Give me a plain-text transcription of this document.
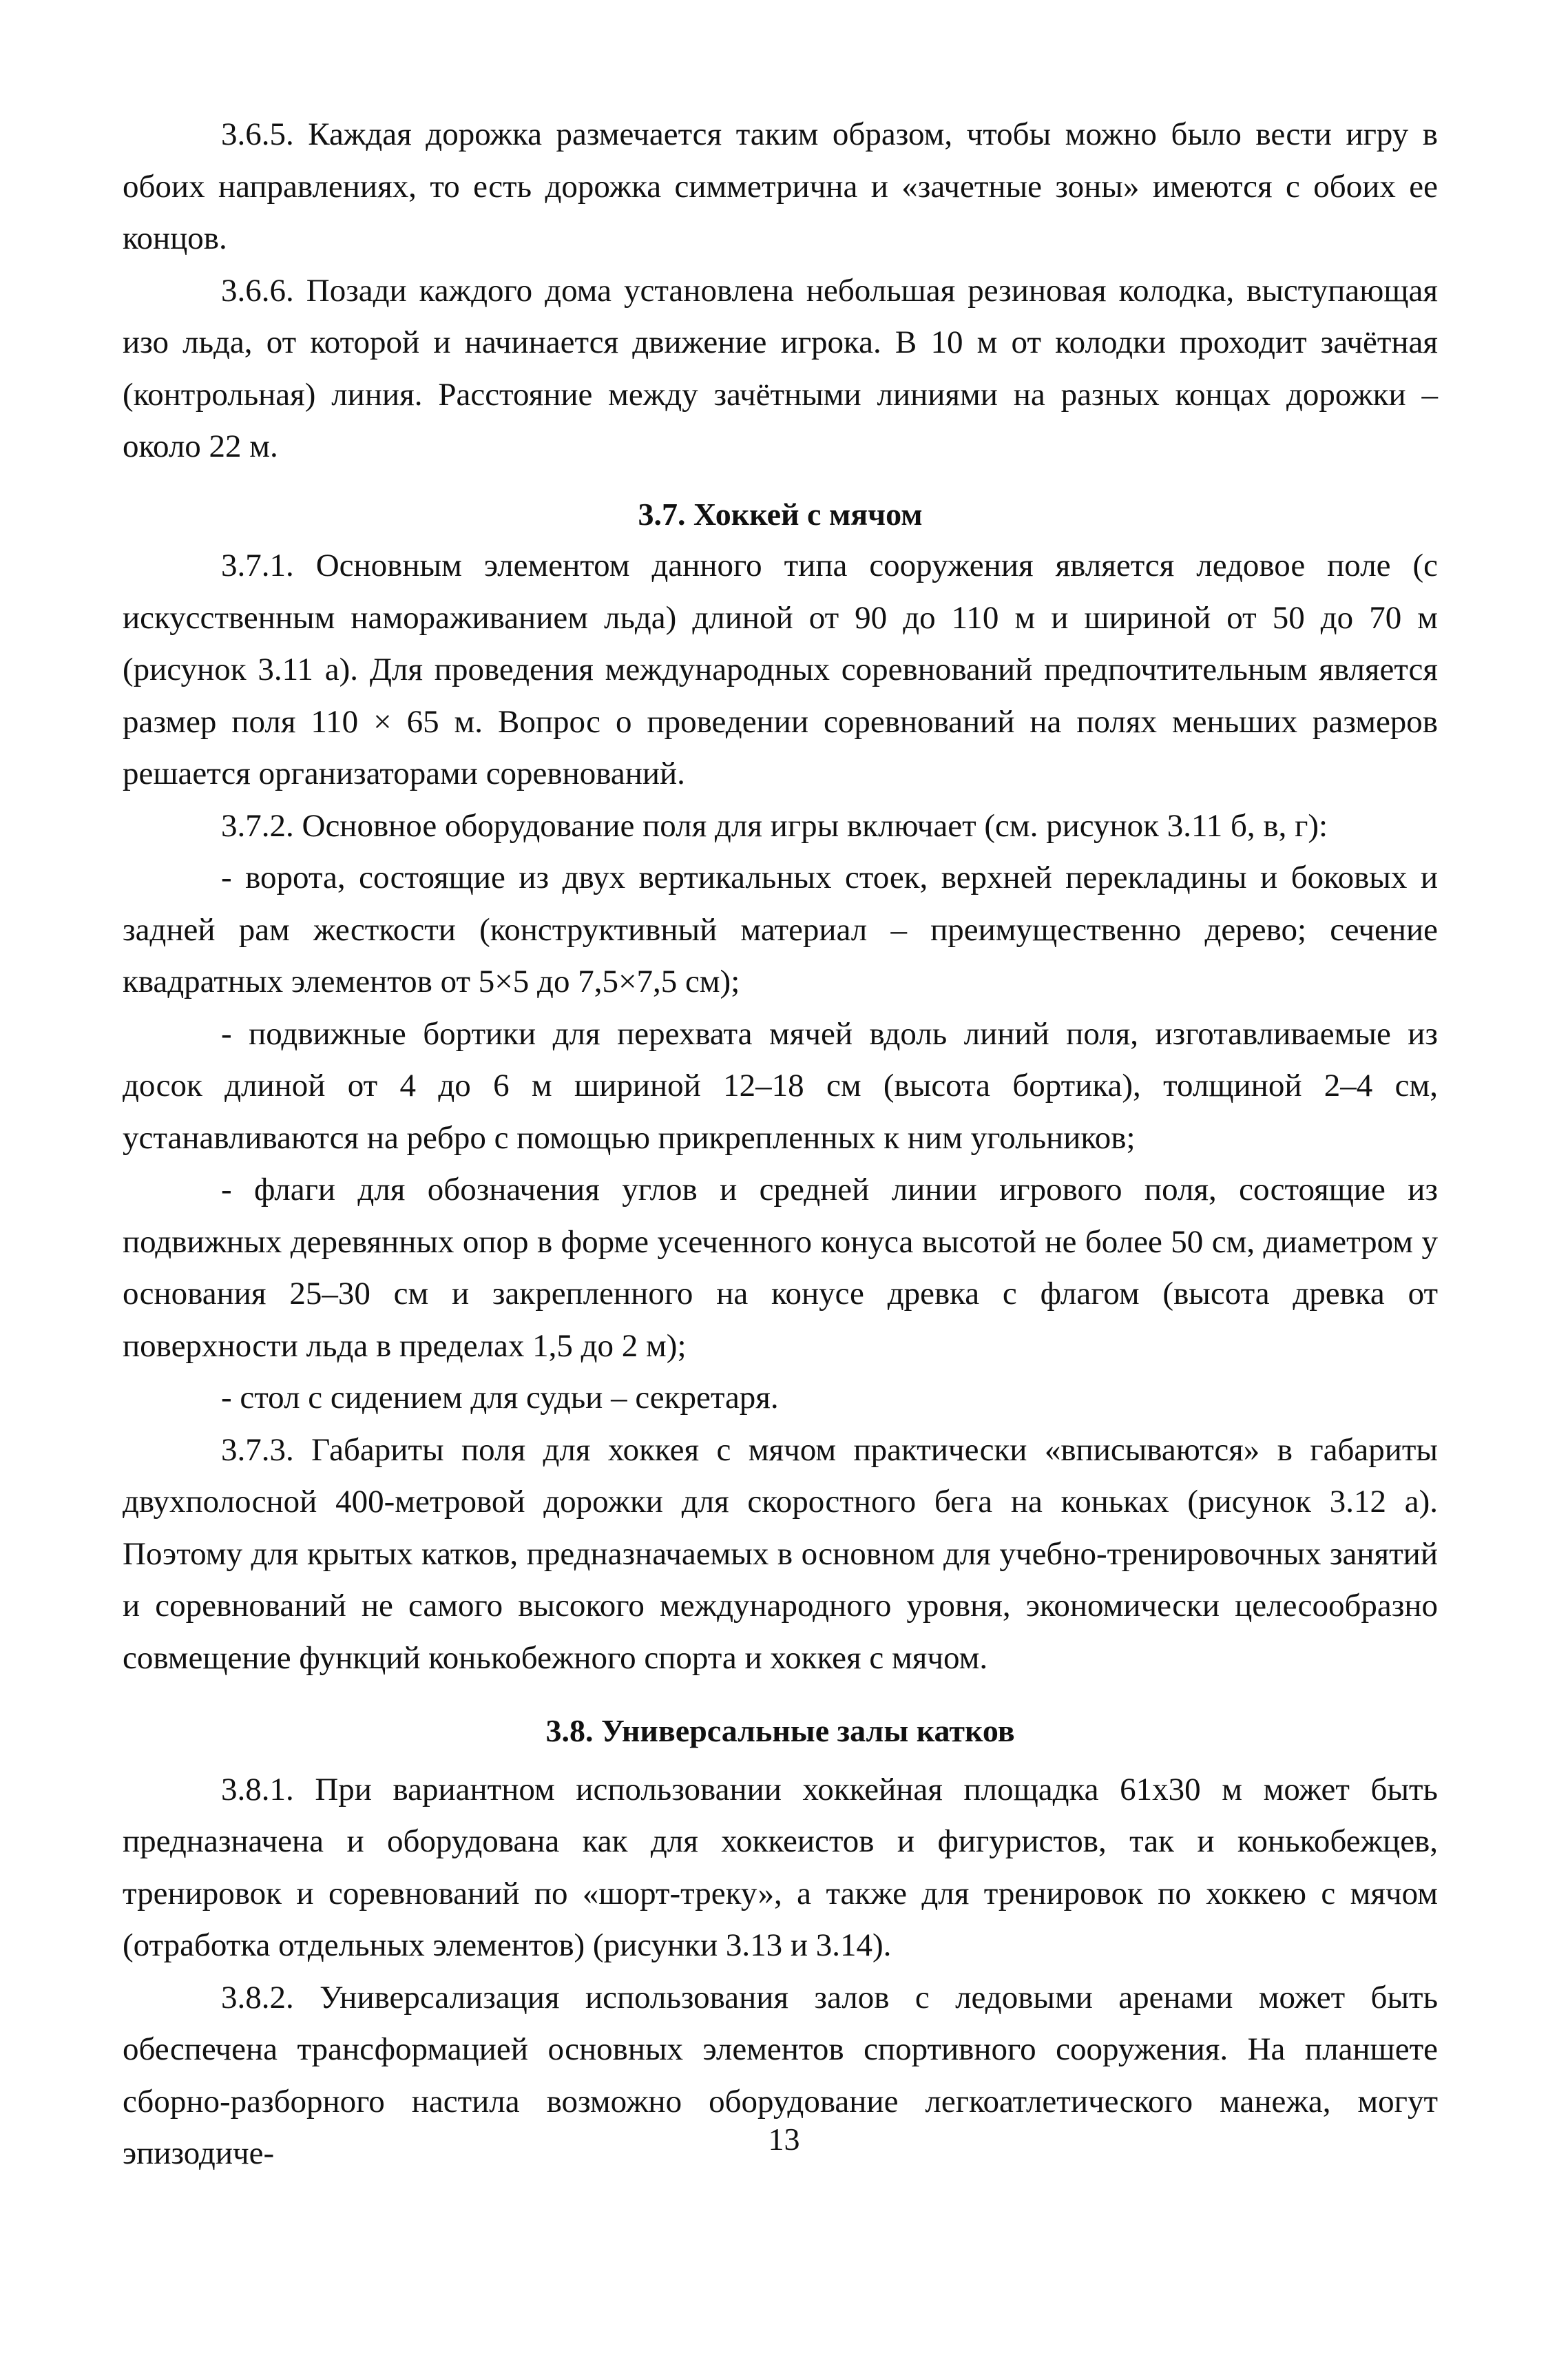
3.6.5. Каждая дорожка размечается таким образом, чтобы можно было вести игру в обоих направлениях, то есть дорожка симметрична и «зачетные зоны» имеются с обоих ее концов.

3.6.6. Позади каждого дома установлена небольшая резиновая колодка, выступающая изо льда, от которой и начинается движение игрока. В 10 м от колодки проходит зачётная (контрольная) линия. Расстояние между зачётными линиями на разных концах дорожки – около 22 м.

3.7. Хоккей с мячом

3.7.1. Основным элементом данного типа сооружения является ледовое поле (с искусственным намораживанием льда) длиной от 90 до 110 м и шириной от 50 до 70 м (рисунок 3.11 а). Для проведения международных соревнований предпочтительным является размер поля 110 × 65 м. Вопрос о проведении соревнований на полях меньших размеров решается организаторами соревнований.

3.7.2. Основное оборудование поля для игры включает (см. рисунок 3.11 б, в, г):

- ворота, состоящие из двух вертикальных стоек, верхней перекладины и боковых и задней рам жесткости (конструктивный материал – преимущественно дерево; сечение квадратных элементов от 5×5 до 7,5×7,5 см);

- подвижные бортики для перехвата мячей вдоль линий поля, изготавливаемые из досок длиной от 4 до 6 м шириной 12–18 см (высота бортика), толщиной 2–4 см, устанавливаются на ребро с помощью прикрепленных к ним угольников;

- флаги для обозначения углов и средней линии игрового поля, состоящие из подвижных деревянных опор в форме усеченного конуса высотой не более 50 см, диаметром у основания 25–30 см и закрепленного на конусе древка с флагом (высота древка от поверхности льда в пределах 1,5 до 2 м);

- стол с сидением для судьи – секретаря.

3.7.3. Габариты поля для хоккея с мячом практически «вписываются» в габариты двухполосной 400-метровой дорожки для скоростного бега на коньках (рисунок 3.12 а). Поэтому для крытых катков, предназначаемых в основном для учебно-тренировочных занятий и соревнований не самого высокого международного уровня, экономически целесообразно совмещение функций конькобежного спорта и хоккея с мячом.

3.8. Универсальные залы катков

3.8.1. При вариантном использовании хоккейная площадка 61х30 м может быть предназначена и оборудована как для хоккеистов и фигуристов, так и конькобежцев, тренировок и соревнований по «шорт-треку», а также для тренировок по хоккею с мячом (отработка отдельных элементов) (рисунки 3.13 и 3.14).

3.8.2. Универсализация использования залов с ледовыми аренами может быть обеспечена трансформацией основных элементов спортивного сооружения. На планшете сборно-разборного настила возможно оборудование легкоатлетического манежа, могут эпизодиче-	13
